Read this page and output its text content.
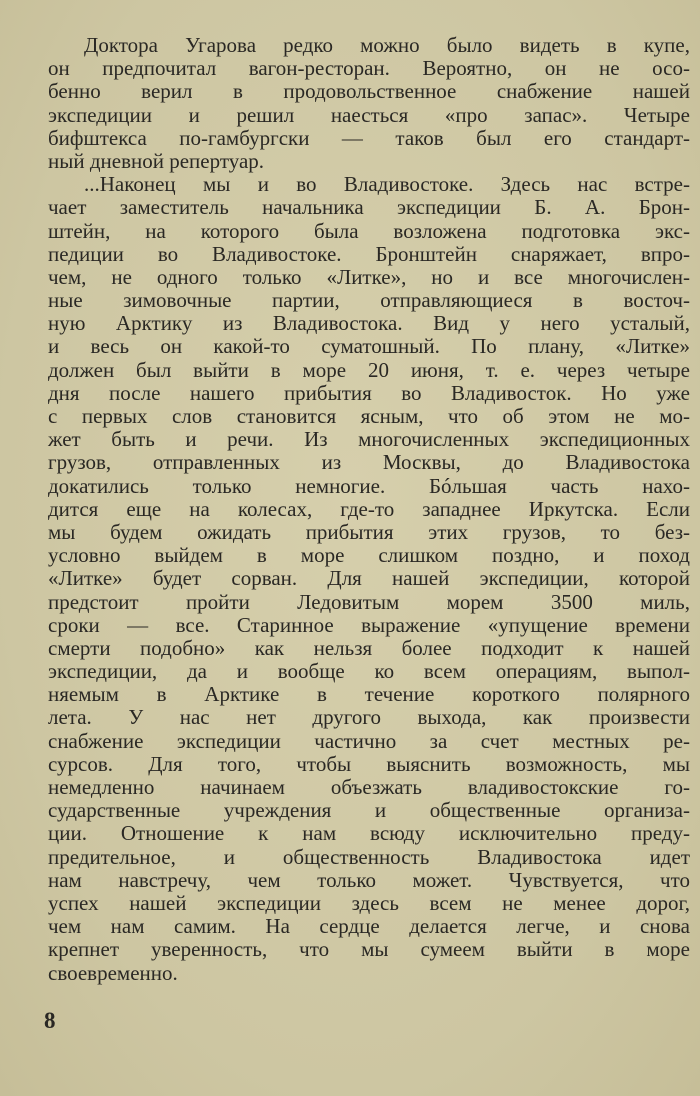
Доктора Угарова редко можно было видеть в купе,
он предпочитал вагон-ресторан. Вероятно, он не осо-
бенно верил в продовольственное снабжение нашей
экспедиции и решил наесться «про запас». Четыре
бифштекса по-гамбургски — таков был его стандарт-
ный дневной репертуар.
...Наконец мы и во Владивостоке. Здесь нас встре-
чает заместитель начальника экспедиции Б. А. Брон-
штейн, на которого была возложена подготовка экс-
педиции во Владивостоке. Бронштейн снаряжает, впро-
чем, не одного только «Литке», но и все многочислен-
ные зимовочные партии, отправляющиеся в восточ-
ную Арктику из Владивостока. Вид у него усталый,
и весь он какой-то суматошный. По плану, «Литке»
должен был выйти в море 20 июня, т. е. через четыре
дня после нашего прибытия во Владивосток. Но уже
с первых слов становится ясным, что об этом не мо-
жет быть и речи. Из многочисленных экспедиционных
грузов, отправленных из Москвы, до Владивостока
докатились только немногие. Бóльшая часть нахо-
дится еще на колесах, где-то западнее Иркутска. Если
мы будем ожидать прибытия этих грузов, то без-
условно выйдем в море слишком поздно, и поход
«Литке» будет сорван. Для нашей экспедиции, которой
предстоит пройти Ледовитым морем 3500 миль,
сроки — все. Старинное выражение «упущение времени
смерти подобно» как нельзя более подходит к нашей
экспедиции, да и вообще ко всем операциям, выпол-
няемым в Арктике в течение короткого полярного
лета. У нас нет другого выхода, как произвести
снабжение экспедиции частично за счет местных ре-
сурсов. Для того, чтобы выяснить возможность, мы
немедленно начинаем объезжать владивостокские го-
сударственные учреждения и общественные организа-
ции. Отношение к нам всюду исключительно преду-
предительное, и общественность Владивостока идет
нам навстречу, чем только может. Чувствуется, что
успех нашей экспедиции здесь всем не менее дорог,
чем нам самим. На сердце делается легче, и снова
крепнет уверенность, что мы сумеем выйти в море
своевременно.
8
